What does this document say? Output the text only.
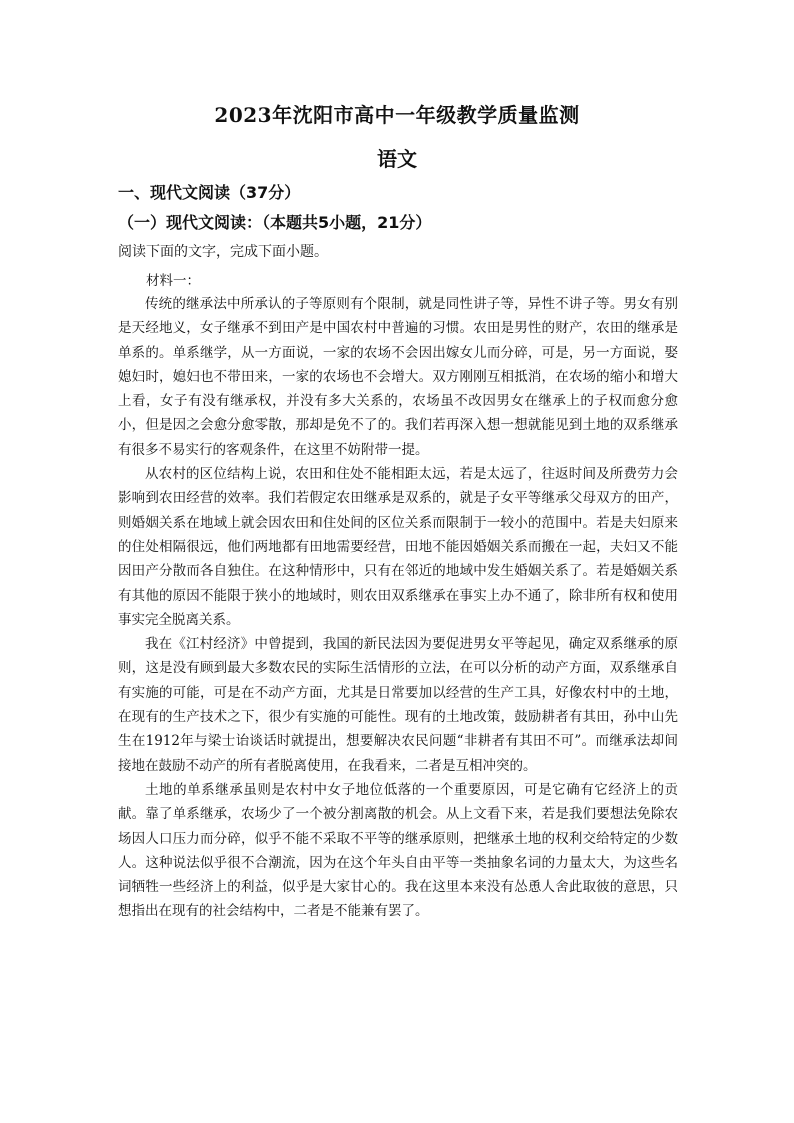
2023年沈阳市高中一年级教学质量监测
语文
一、现代文阅读（37分）
（一）现代文阅读：（本题共5小题，21分）
阅读下面的文字，完成下面小题。
材料一：

传统的继承法中所承认的子等原则有个限制，就是同性讲子等，异性不讲子等。男女有别是天经地义，女子继承不到田产是中国农村中普遍的习惯。农田是男性的财产，农田的继承是单系的。单系继学，从一方面说，一家的农场不会因出嫁女儿而分碎，可是，另一方面说，娶媳妇时，媳妇也不带田来，一家的农场也不会增大。双方刚刚互相抵消，在农场的缩小和增大上看，女子有没有继承权，并没有多大关系的，农场虽不改因男女在继承上的子权而愈分愈小，但是因之会愈分愈零散，那却是免不了的。我们若再深入想一想就能见到土地的双系继承有很多不易实行的客观条件，在这里不妨附带一提。

从农村的区位结构上说，农田和住处不能相距太远，若是太远了，往返时间及所费劳力会影响到农田经营的效率。我们若假定农田继承是双系的，就是子女平等继承父母双方的田产，则婚姻关系在地域上就会因农田和住处间的区位关系而限制于一较小的范围中。若是夫妇原来的住处相隔很远，他们两地都有田地需要经营，田地不能因婚姻关系而搬在一起，夫妇又不能因田产分散而各自独住。在这种情形中，只有在邻近的地域中发生婚姻关系了。若是婚姻关系有其他的原因不能限于狭小的地域时，则农田双系继承在事实上办不通了，除非所有权和使用事实完全脱离关系。

我在《江村经济》中曾提到，我国的新民法因为要促进男女平等起见，确定双系继承的原则，这是没有顾到最大多数农民的实际生活情形的立法，在可以分析的动产方面，双系继承自有实施的可能，可是在不动产方面，尤其是日常要加以经营的生产工具，好像农村中的土地，在现有的生产技术之下，很少有实施的可能性。现有的土地改策，鼓励耕者有其田，孙中山先生在1912年与梁士诒谈话时就提出，想要解决农民问题“非耕者有其田不可”。而继承法却间接地在鼓励不动产的所有者脱离使用，在我看来，二者是互相冲突的。

土地的单系继承虽则是农村中女子地位低落的一个重要原因，可是它确有它经济上的贡献。靠了单系继承，农场少了一个被分割离散的机会。从上文看下来，若是我们要想法免除农场因人口压力而分碎，似乎不能不采取不平等的继承原则，把继承土地的权利交给特定的少数人。这种说法似乎很不合潮流，因为在这个年头自由平等一类抽象名词的力量太大，为这些名词牺牲一些经济上的利益，似乎是大家甘心的。我在这里本来没有怂恿人舍此取彼的意思，只想指出在现有的社会结构中，二者是不能兼有罢了。
